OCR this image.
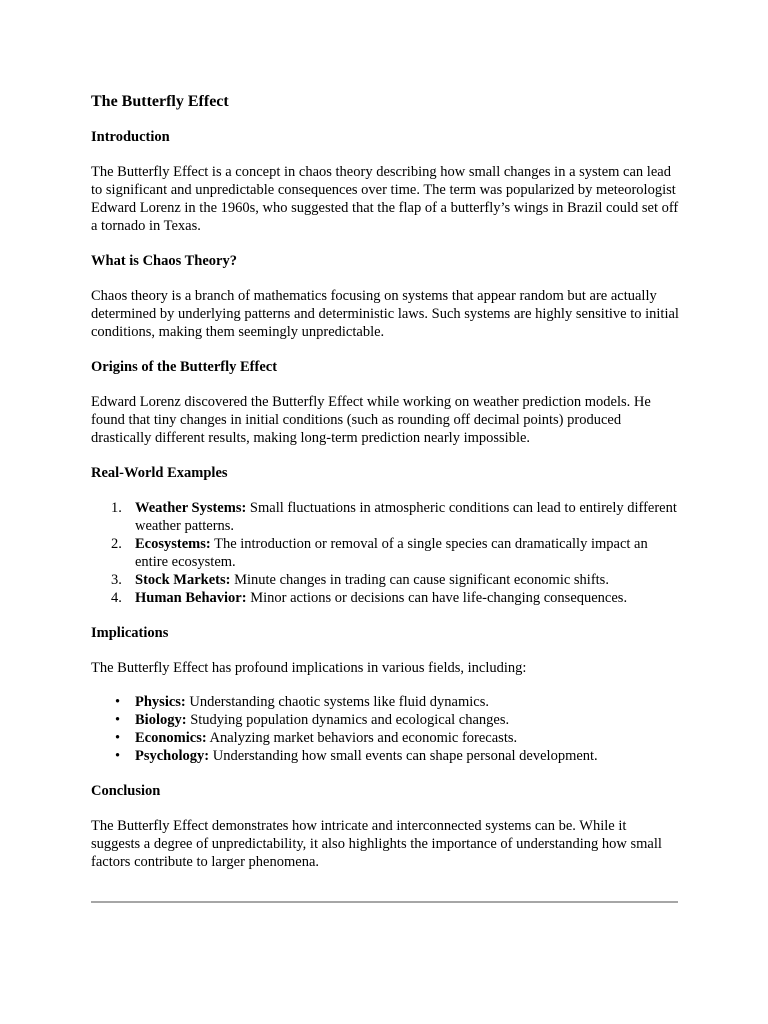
The Butterfly Effect
Introduction

The Butterfly Effect is a concept in chaos theory describing how small changes in a system can lead to significant and unpredictable consequences over time. The term was popularized by meteorologist Edward Lorenz in the 1960s, who suggested that the flap of a butterfly’s wings in Brazil could set off a tornado in Texas.

What is Chaos Theory?

Chaos theory is a branch of mathematics focusing on systems that appear random but are actually determined by underlying patterns and deterministic laws. Such systems are highly sensitive to initial conditions, making them seemingly unpredictable.

Origins of the Butterfly Effect

Edward Lorenz discovered the Butterfly Effect while working on weather prediction models. He found that tiny changes in initial conditions (such as rounding off decimal points) produced drastically different results, making long-term prediction nearly impossible.

Real-World Examples
1. Weather Systems: Small fluctuations in atmospheric conditions can lead to entirely different weather patterns.
2. Ecosystems: The introduction or removal of a single species can dramatically impact an entire ecosystem.
3. Stock Markets: Minute changes in trading can cause significant economic shifts.
4. Human Behavior: Minor actions or decisions can have life-changing consequences.
Implications

The Butterfly Effect has profound implications in various fields, including:

• Physics: Understanding chaotic systems like fluid dynamics.
• Biology: Studying population dynamics and ecological changes.
• Economics: Analyzing market behaviors and economic forecasts.
• Psychology: Understanding how small events can shape personal development.
Conclusion

The Butterfly Effect demonstrates how intricate and interconnected systems can be. While it suggests a degree of unpredictability, it also highlights the importance of understanding how small factors contribute to larger phenomena.
